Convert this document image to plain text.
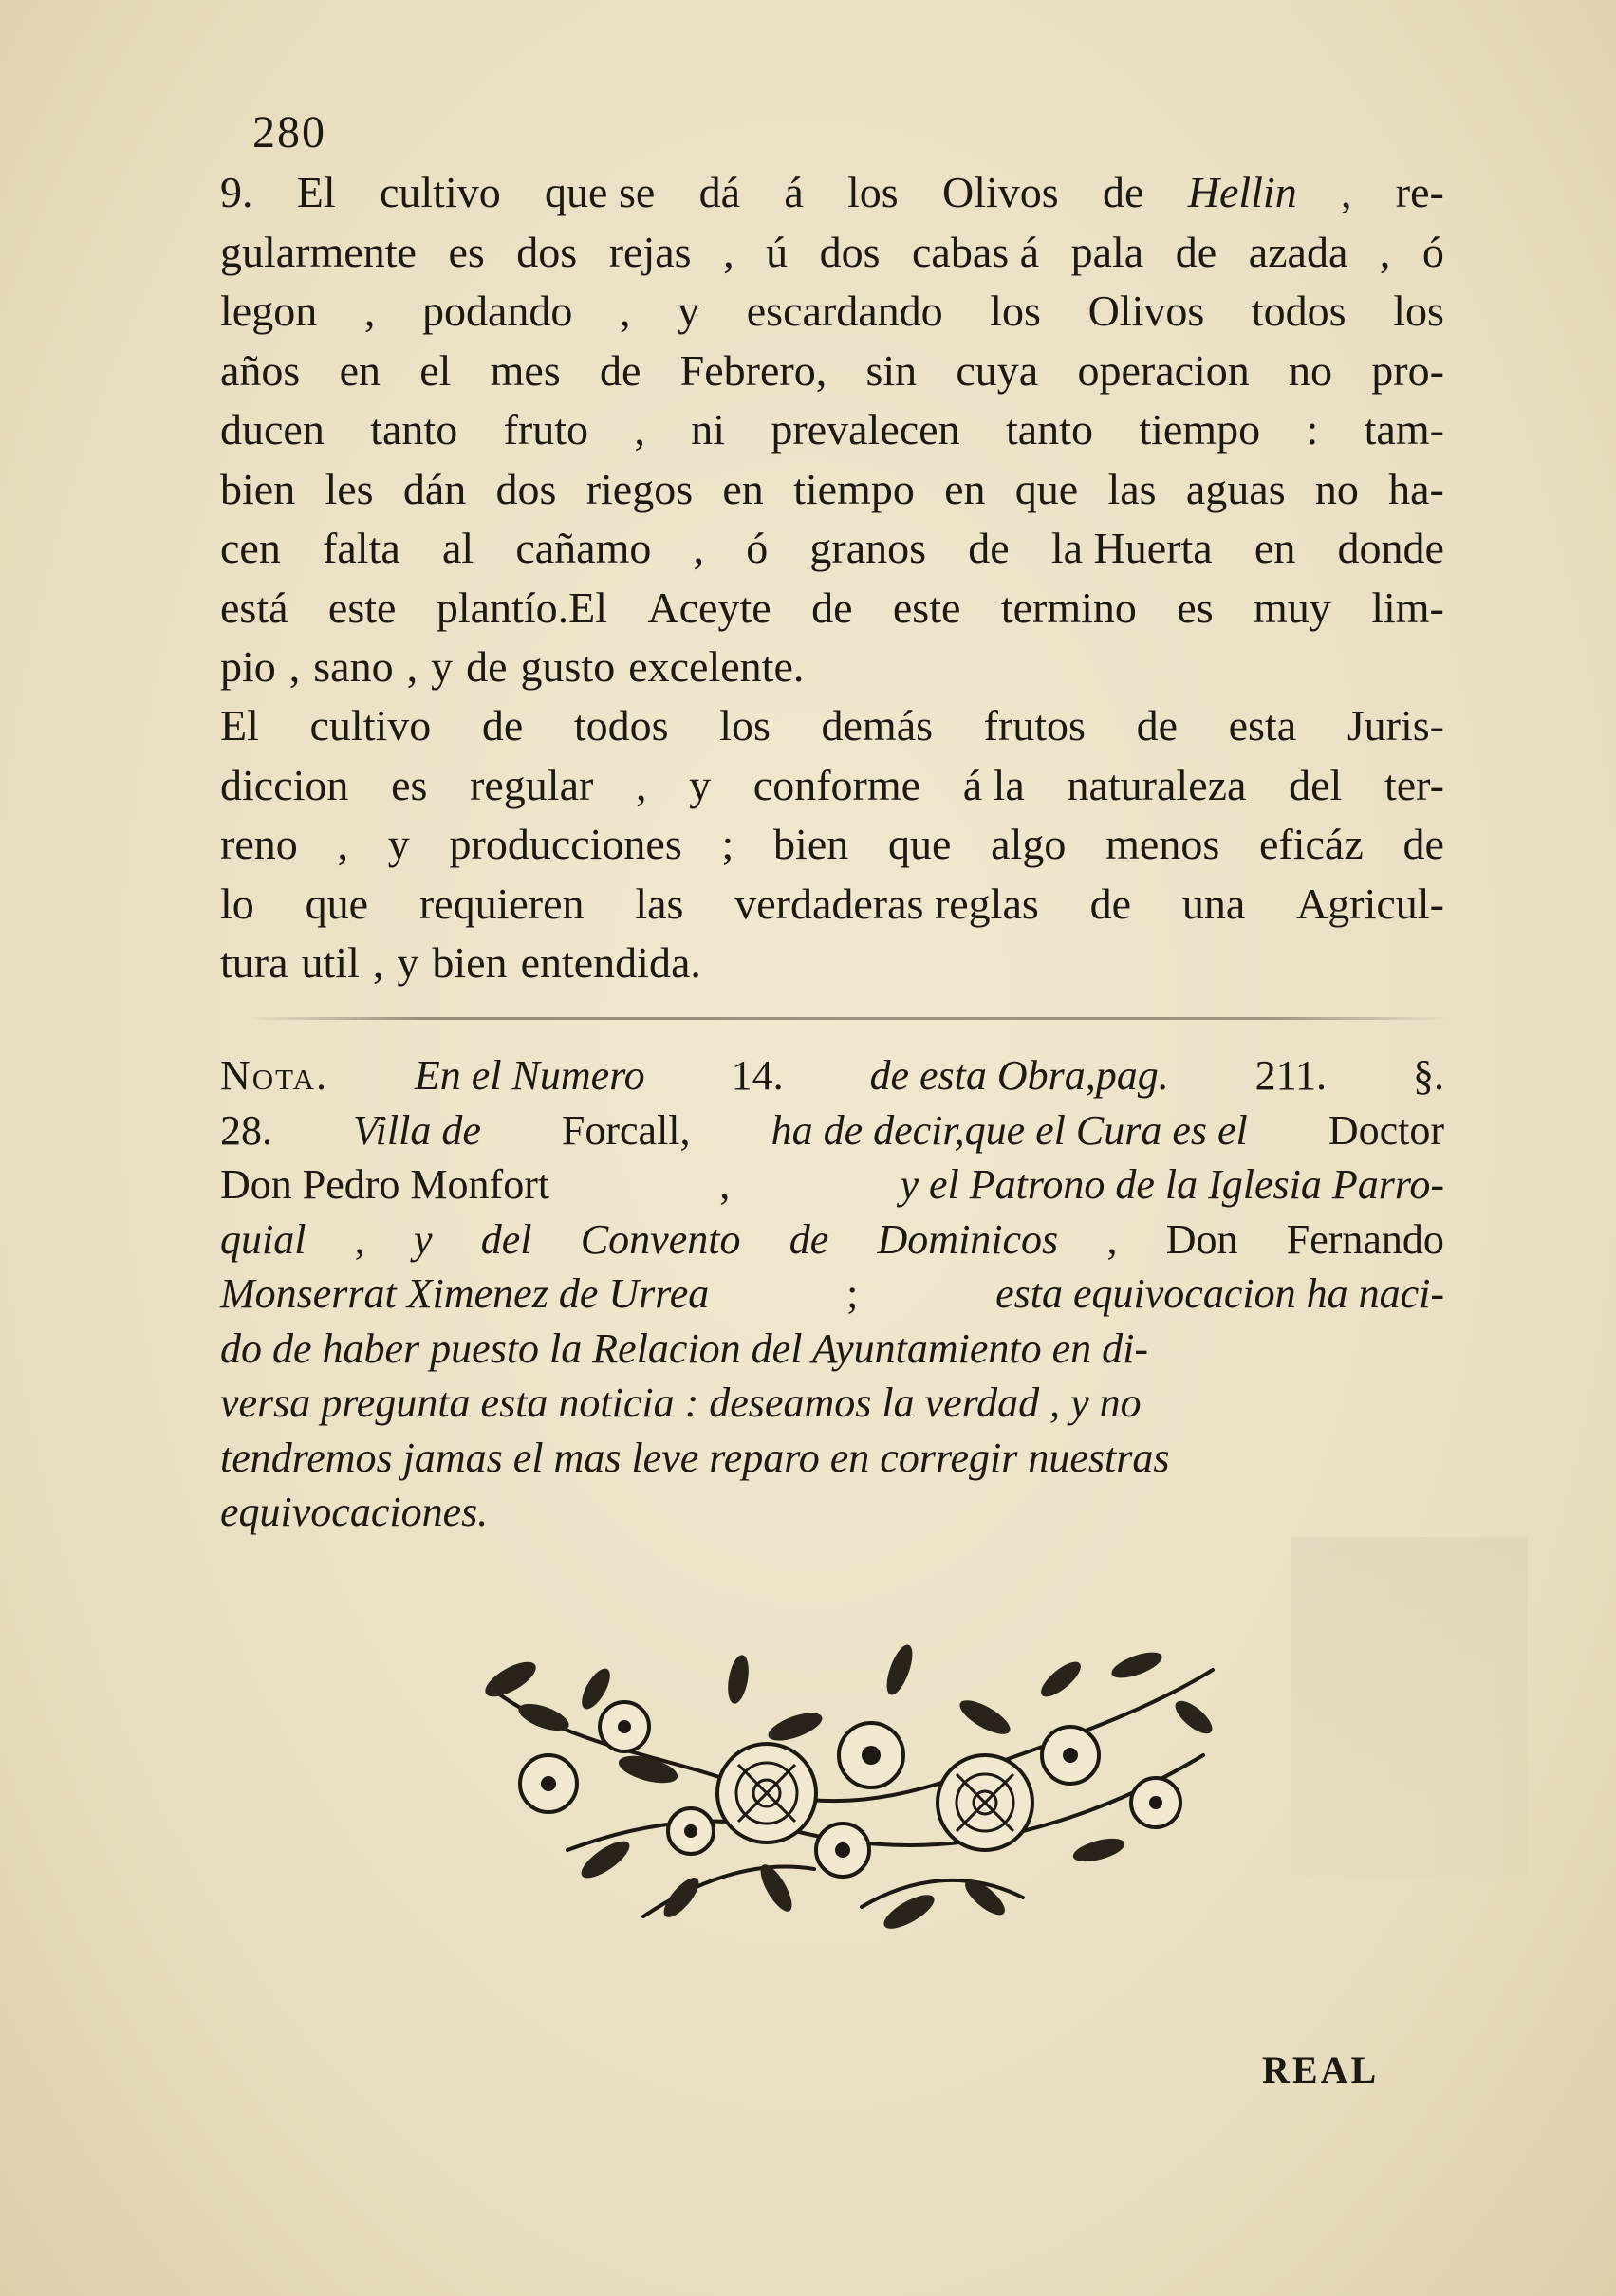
280
9. El cultivo que se dá á los Olivos de Hellin , re-
gularmente es dos rejas , ú dos cabas á pala de azada , ó
legon , podando , y escardando los Olivos todos los
años en el mes de Febrero, sin cuya operacion no pro-
ducen tanto fruto , ni prevalecen tanto tiempo : tam-
bien les dán dos riegos en tiempo en que las aguas no ha-
cen falta al cañamo , ó granos de la Huerta en donde
está este plantío.El Aceyte de este termino es muy lim-
pio , sano , y de gusto excelente.
El cultivo de todos los demás frutos de esta Juris-
diccion es regular , y conforme á la naturaleza del ter-
reno , y producciones ; bien que algo menos eficáz de
lo que requieren las verdaderas reglas de una Agricul-
tura util , y bien entendida.
Nota. En el Numero 14. de esta Obra,pag. 211. §.
28. Villa de Forcall, ha de decir,que el Cura es el Doctor
Don Pedro Monfort	,	y el Patrono de la Iglesia Parro-
quial , y del Convento de Dominicos , Don Fernando
Monserrat Ximenez de Urrea	;	esta equivocacion ha naci-
do de haber puesto la Relacion del Ayuntamiento en di-
versa pregunta esta noticia : deseamos la verdad , y no
tendremos jamas el mas leve reparo en corregir nuestras
equivocaciones.
REAL
